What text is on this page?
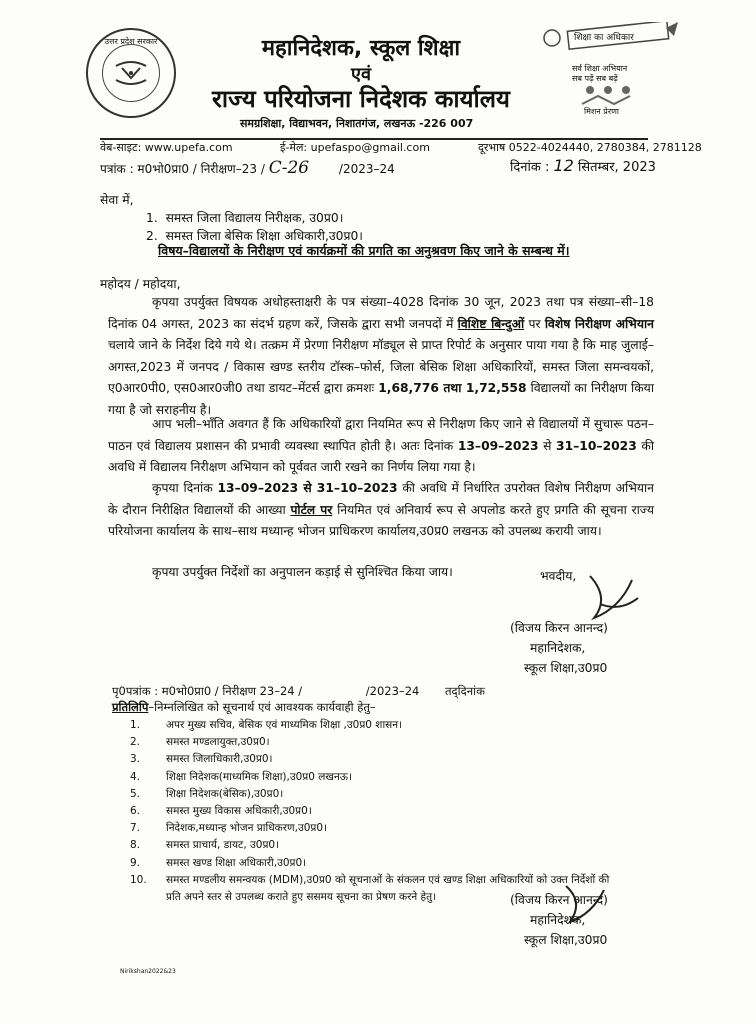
उत्तर प्रदेश सरकार	महानिदेशक, स्कूल शिक्षा
एवं
राज्य परियोजना निदेशक कार्यालय
समग्रशिक्षा, विद्याभवन, निशातगंज, लखनऊ -226 007
शिक्षा का अधिकार
सर्व शिक्षा अभियान
सब पढ़ें सब बढ़ें
मिशन प्रेरणा
वेब-साइट: www.upefa.com	ई-मेल: upefaspo@gmail.com	दूरभाष 0522-4024440, 2780384, 2781128
पत्रांक : म0भो0प्रा0 / निरीक्षण–23 / C-26 /2023–24	दिनांक : 12 सितम्बर, 2023
सेवा में,
1. समस्त जिला विद्यालय निरीक्षक, उ0प्र0।
2. समस्त जिला बेसिक शिक्षा अधिकारी,उ0प्र0।
विषय–विद्यालयों के निरीक्षण एवं कार्यक्रमों की प्रगति का अनुश्रवण किए जाने के सम्बन्ध में।
महोदय / महोदया,
कृपया उपर्युक्त विषयक अधोहस्ताक्षरी के पत्र संख्या–4028 दिनांक 30 जून, 2023 तथा पत्र संख्या–सी–18 दिनांक 04 अगस्त, 2023 का संदर्भ ग्रहण करें, जिसके द्वारा सभी जनपदों में विशिष्ट बिन्दुओं पर विशेष निरीक्षण अभियान चलाये जाने के निर्देश दिये गये थे। तत्क्रम में प्रेरणा निरीक्षण मॉड्यूल से प्राप्त रिपोर्ट के अनुसार पाया गया है कि माह जुलाई–अगस्त,2023 में जनपद / विकास खण्ड स्तरीय टॉस्क–फोर्स, जिला बेसिक शिक्षा अधिकारियों, समस्त जिला समन्वयकों, ए0आर0पी0, एस0आर0जी0 तथा डायट–मेंटर्स द्वारा क्रमशः 1,68,776 तथा 1,72,558 विद्यालयों का निरीक्षण किया गया है जो सराहनीय है।
आप भली–भाँति अवगत हैं कि अधिकारियों द्वारा नियमित रूप से निरीक्षण किए जाने से विद्यालयों में सुचारू पठन–पाठन एवं विद्यालय प्रशासन की प्रभावी व्यवस्था स्थापित होती है। अतः दिनांक 13–09–2023 से 31–10–2023 की अवधि में विद्यालय निरीक्षण अभियान को पूर्ववत जारी रखने का निर्णय लिया गया है।
कृपया दिनांक 13–09–2023 से 31–10–2023 की अवधि में निर्धारित उपरोक्त विशेष निरीक्षण अभियान के दौरान निरीक्षित विद्यालयों की आख्या पोर्टल पर नियमित एवं अनिवार्य रूप से अपलोड करते हुए प्रगति की सूचना राज्य परियोजना कार्यालय के साथ–साथ मध्यान्ह भोजन प्राधिकरण कार्यालय,उ0प्र0 लखनऊ को उपलब्ध करायी जाय।
कृपया उपर्युक्त निर्देशों का अनुपालन कड़ाई से सुनिश्चित किया जाय।	भवदीय,
(विजय किरन आनन्द)
महानिदेशक,
स्कूल शिक्षा,उ0प्र0
पृ0पत्रांक : म0भो0प्रा0 / निरीक्षण 23–24 /	/2023–24 तद्‌दिनांक
प्रतिलिपि–निम्नलिखित को सूचनार्थ एवं आवश्यक कार्यवाही हेतु–
1. अपर मुख्य सचिव, बेसिक एवं माध्यमिक शिक्षा ,उ0प्र0 शासन।
2. समस्त मण्डलायुक्त,उ0प्र0।
3. समस्त जिलाधिकारी,उ0प्र0।
4. शिक्षा निदेशक(माध्यमिक शिक्षा),उ0प्र0 लखनऊ।
5. शिक्षा निदेशक(बेसिक),उ0प्र0।
6. समस्त मुख्य विकास अधिकारी,उ0प्र0।
7. निदेशक,मध्यान्ह भोजन प्राधिकरण,उ0प्र0।
8. समस्त प्राचार्य, डायट, उ0प्र0।
9. समस्त खण्ड शिक्षा अधिकारी,उ0प्र0।
10. समस्त मण्डलीय समन्वयक (MDM),उ0प्र0 को सूचनाओं के संकलन एवं खण्ड शिक्षा अधिकारियों को उक्त निर्देशों की
प्रति अपने स्तर से उपलब्ध कराते हुए ससमय सूचना का प्रेषण करने हेतु।	(विजय किरन आनन्द)
महानिदेशक,
स्कूल शिक्षा,उ0प्र0
Nirikshan2022&23
